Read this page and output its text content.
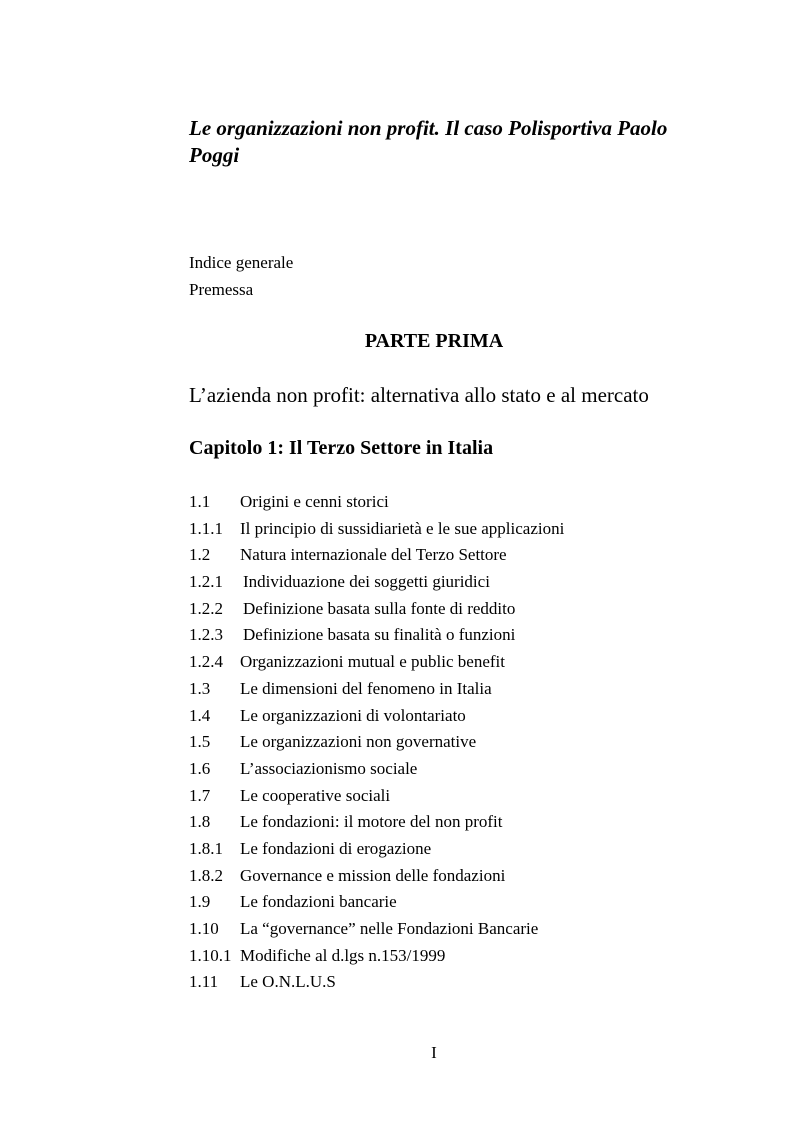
Le organizzazioni non profit. Il caso Polisportiva Paolo Poggi

Indice generale

Premessa

PARTE PRIMA

L’azienda non profit: alternativa allo stato e al mercato

Capitolo 1: Il Terzo Settore in Italia
1.1 Origini e cenni storici
1.1.1 Il principio di sussidiarietà e le sue applicazioni
1.2 Natura internazionale del Terzo Settore
1.2.1 Individuazione dei soggetti giuridici
1.2.2 Definizione basata sulla fonte di reddito
1.2.3 Definizione basata su finalità o funzioni
1.2.4 Organizzazioni mutual e public benefit
1.3 Le dimensioni del fenomeno in Italia
1.4 Le organizzazioni di volontariato
1.5 Le organizzazioni non governative
1.6 L’associazionismo sociale
1.7 Le cooperative sociali
1.8 Le fondazioni: il motore del non profit
1.8.1 Le fondazioni di erogazione
1.8.2 Governance e mission delle fondazioni
1.9 Le fondazioni bancarie
1.10 La “governance” nelle Fondazioni Bancarie
1.10.1 Modifiche al d.lgs n.153/1999
1.11 Le O.N.L.U.S

I
